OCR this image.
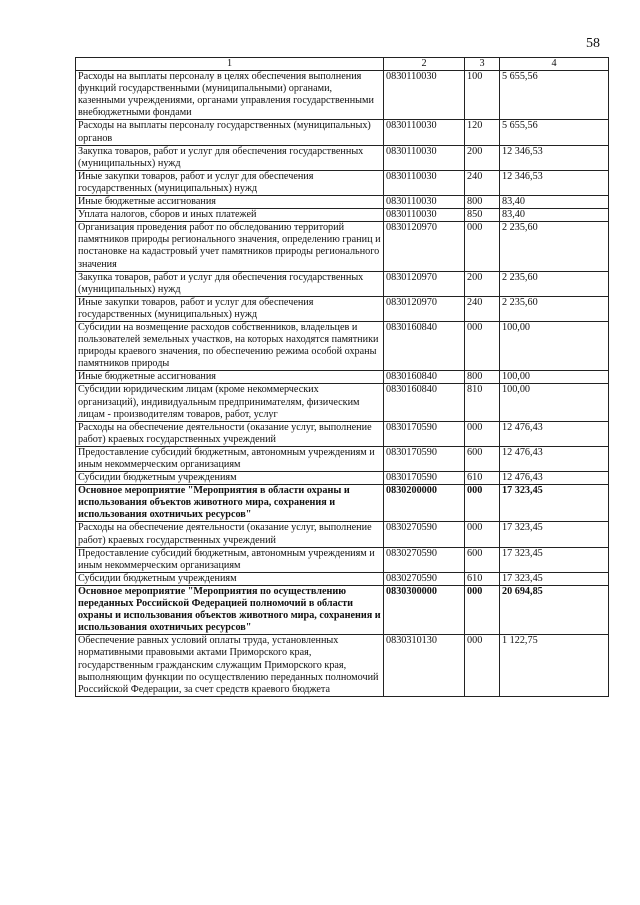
58
1	2	3	4
Расходы на выплаты персоналу в целях обеспечения выполнения функций государственными (муниципальными) органами, казенными учреждениями, органами управления государственными внебюджетными фондами	0830110030	100	5 655,56
Расходы на выплаты персоналу государственных (муниципальных) органов	0830110030	120	5 655,56
Закупка товаров, работ и услуг для обеспечения государственных (муниципальных) нужд	0830110030	200	12 346,53
Иные закупки товаров, работ и услуг для обеспечения государственных (муниципальных) нужд	0830110030	240	12 346,53
Иные бюджетные ассигнования	0830110030	800	83,40
Уплата налогов, сборов и иных платежей	0830110030	850	83,40
Организация проведения работ по обследованию территорий памятников природы регионального значения, определению границ и постановке на кадастровый учет памятников природы регионального значения	0830120970	000	2 235,60
Закупка товаров, работ и услуг для обеспечения государственных (муниципальных) нужд	0830120970	200	2 235,60
Иные закупки товаров, работ и услуг для обеспечения государственных (муниципальных) нужд	0830120970	240	2 235,60
Субсидии на возмещение расходов собственников, владельцев и пользователей земельных участков, на которых находятся памятники природы краевого значения, по обеспечению режима особой охраны памятников природы	0830160840	000	100,00
Иные бюджетные ассигнования	0830160840	800	100,00
Субсидии юридическим лицам (кроме некоммерческих организаций), индивидуальным предпринимателям, физическим лицам - производителям товаров, работ, услуг	0830160840	810	100,00
Расходы на обеспечение деятельности (оказание услуг, выполнение работ) краевых государственных учреждений	0830170590	000	12 476,43
Предоставление субсидий бюджетным, автономным учреждениям и иным некоммерческим организациям	0830170590	600	12 476,43
Субсидии бюджетным учреждениям	0830170590	610	12 476,43
Основное мероприятие "Мероприятия в области охраны и использования объектов животного мира, сохранения и использования охотничьих ресурсов"	0830200000	000	17 323,45
Расходы на обеспечение деятельности (оказание услуг, выполнение работ) краевых государственных учреждений	0830270590	000	17 323,45
Предоставление субсидий бюджетным, автономным учреждениям и иным некоммерческим организациям	0830270590	600	17 323,45
Субсидии бюджетным учреждениям	0830270590	610	17 323,45
Основное мероприятие "Мероприятия по осуществлению переданных Российской Федерацией полномочий в области охраны и использования объектов животного мира, сохранения и использования охотничьих ресурсов"	0830300000	000	20 694,85
Обеспечение равных условий оплаты труда, установленных нормативными правовыми актами Приморского края, государственным гражданским служащим Приморского края, выполняющим функции по осуществлению переданных полномочий Российской Федерации, за счет средств краевого бюджета	0830310130	000	1 122,75
